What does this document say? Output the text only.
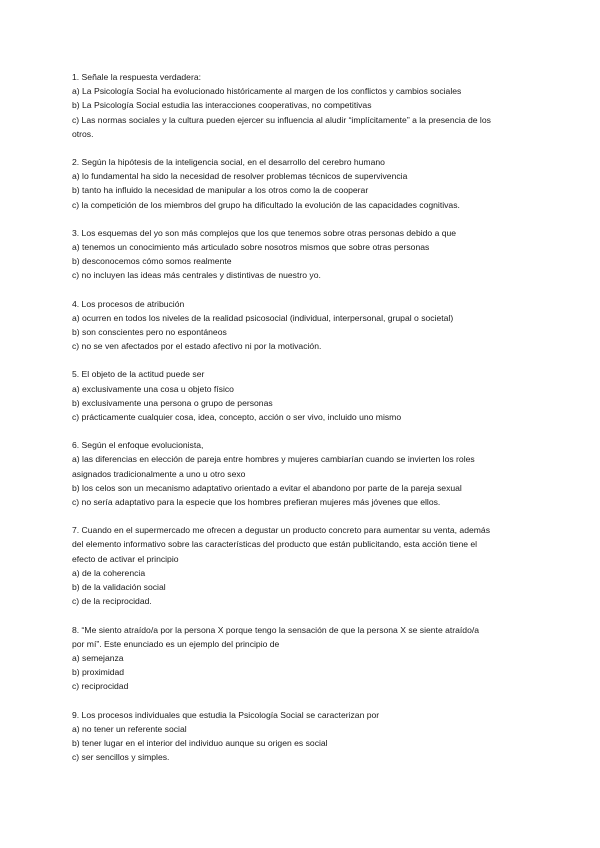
1. Señale la respuesta verdadera:
a) La Psicología Social ha evolucionado históricamente al margen de los conflictos y cambios sociales
b) La Psicología Social estudia las interacciones cooperativas, no competitivas
c) Las normas sociales y la cultura pueden ejercer su influencia al aludir “implícitamente” a la presencia de los
otros.
2. Según la hipótesis de la inteligencia social, en el desarrollo del cerebro humano
a) lo fundamental ha sido la necesidad de resolver problemas técnicos de supervivencia
b) tanto ha influido la necesidad de manipular a los otros como la de cooperar
c) la competición de los miembros del grupo ha dificultado la evolución de las capacidades cognitivas.
3. Los esquemas del yo son más complejos que los que tenemos sobre otras personas debido a que
a) tenemos un conocimiento más articulado sobre nosotros mismos que sobre otras personas
b) desconocemos cómo somos realmente
c) no incluyen las ideas más centrales y distintivas de nuestro yo.
4. Los procesos de atribución
a) ocurren en todos los niveles de la realidad psicosocial (individual, interpersonal, grupal o societal)
b) son conscientes pero no espontáneos
c) no se ven afectados por el estado afectivo ni por la motivación.
5. El objeto de la actitud puede ser
a) exclusivamente una cosa u objeto físico
b) exclusivamente una persona o grupo de personas
c) prácticamente cualquier cosa, idea, concepto, acción o ser vivo, incluido uno mismo
6. Según el enfoque evolucionista,
a) las diferencias en elección de pareja entre hombres y mujeres cambiarían cuando se invierten los roles
asignados tradicionalmente a uno u otro sexo
b) los celos son un mecanismo adaptativo orientado a evitar el abandono por parte de la pareja sexual
c) no sería adaptativo para la especie que los hombres prefieran mujeres más jóvenes que ellos.
7. Cuando en el supermercado me ofrecen a degustar un producto concreto para aumentar su venta, además
del elemento informativo sobre las características del producto que están publicitando, esta acción tiene el
efecto de activar el principio
a) de la coherencia
b) de la validación social
c) de la reciprocidad.
8. “Me siento atraído/a por la persona X porque tengo la sensación de que la persona X se siente atraído/a
por mí”. Este enunciado es un ejemplo del principio de
a) semejanza
b) proximidad
c) reciprocidad
9. Los procesos individuales que estudia la Psicología Social se caracterizan por
a) no tener un referente social
b) tener lugar en el interior del individuo aunque su origen es social
c) ser sencillos y simples.
